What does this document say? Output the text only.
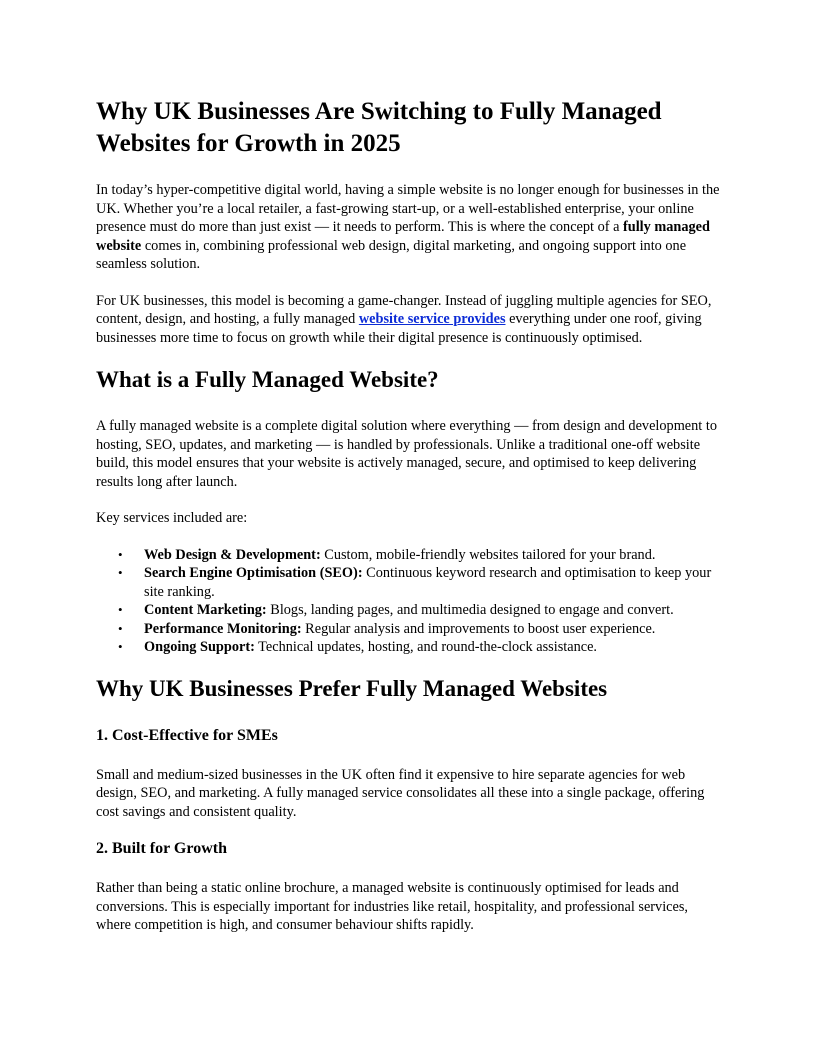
Why UK Businesses Are Switching to Fully Managed Websites for Growth in 2025

In today’s hyper-competitive digital world, having a simple website is no longer enough for businesses in the UK. Whether you’re a local retailer, a fast-growing start-up, or a well-established enterprise, your online presence must do more than just exist — it needs to perform. This is where the concept of a fully managed website comes in, combining professional web design, digital marketing, and ongoing support into one seamless solution.

For UK businesses, this model is becoming a game-changer. Instead of juggling multiple agencies for SEO, content, design, and hosting, a fully managed website service provides everything under one roof, giving businesses more time to focus on growth while their digital presence is continuously optimised.

What is a Fully Managed Website?

A fully managed website is a complete digital solution where everything — from design and development to hosting, SEO, updates, and marketing — is handled by professionals. Unlike a traditional one-off website build, this model ensures that your website is actively managed, secure, and optimised to keep delivering results long after launch.

Key services included are:

• Web Design & Development: Custom, mobile-friendly websites tailored for your brand.
• Search Engine Optimisation (SEO): Continuous keyword research and optimisation to keep your site ranking.
• Content Marketing: Blogs, landing pages, and multimedia designed to engage and convert.
• Performance Monitoring: Regular analysis and improvements to boost user experience.
• Ongoing Support: Technical updates, hosting, and round-the-clock assistance.
Why UK Businesses Prefer Fully Managed Websites
1. Cost-Effective for SMEs

Small and medium-sized businesses in the UK often find it expensive to hire separate agencies for web design, SEO, and marketing. A fully managed service consolidates all these into a single package, offering cost savings and consistent quality.

2. Built for Growth

Rather than being a static online brochure, a managed website is continuously optimised for leads and conversions. This is especially important for industries like retail, hospitality, and professional services, where competition is high, and consumer behaviour shifts rapidly.
